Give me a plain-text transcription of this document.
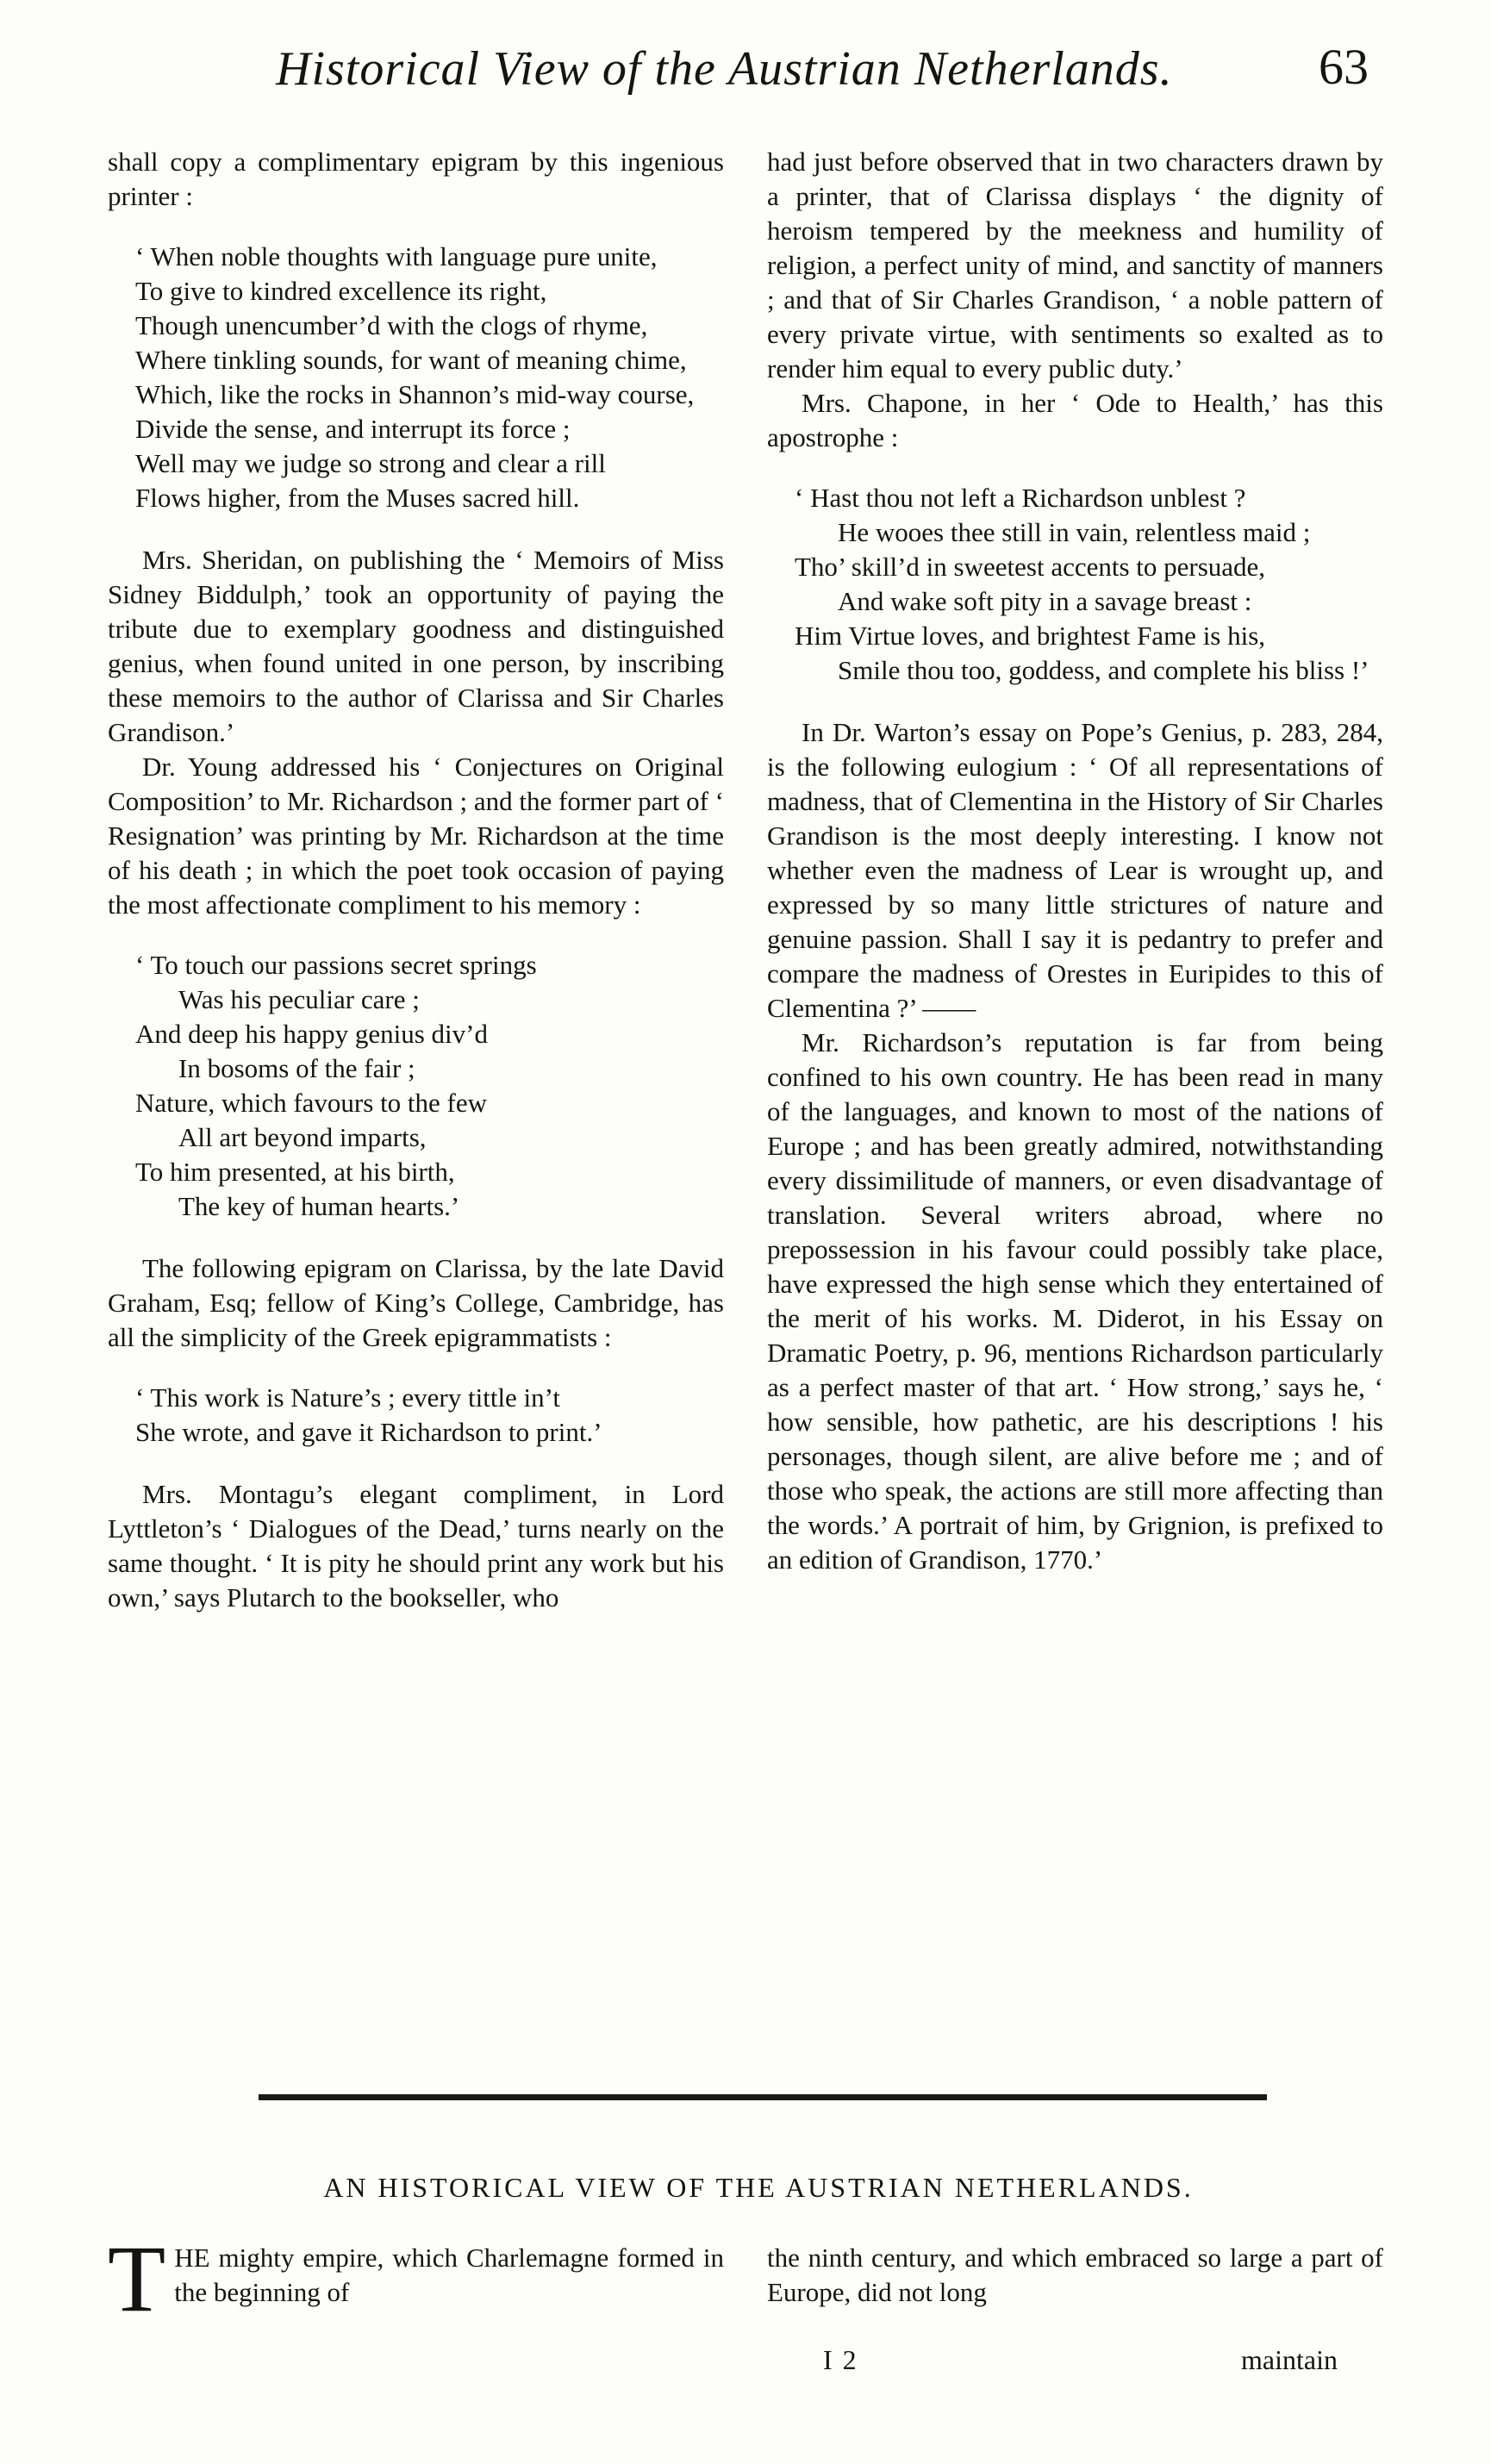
Historical View of the Austrian Netherlands.	63

shall copy a complimentary epigram by this ingenious printer :

‘ When noble thoughts with language pure unite,
To give to kindred excellence its right,
Though unencumber’d with the clogs of rhyme,
Where tinkling sounds, for want of meaning chime,
Which, like the rocks in Shannon’s mid-way course,
Divide the sense, and interrupt its force ;
Well may we judge so strong and clear a rill
Flows higher, from the Muses sacred hill.

Mrs. Sheridan, on publishing the ‘ Memoirs of Miss Sidney Biddulph,’ took an opportunity of paying the tribute due to exemplary goodness and distinguished genius, when found united in one person, by inscribing these memoirs to the author of Clarissa and Sir Charles Grandison.’

Dr. Young addressed his ‘ Conjectures on Original Composition’ to Mr. Richardson ; and the former part of ‘ Resignation’ was printing by Mr. Richardson at the time of his death ; in which the poet took occasion of paying the most affectionate compliment to his memory :

‘ To touch our passions secret springs
Was his peculiar care ;
And deep his happy genius div’d
In bosoms of the fair ;
Nature, which favours to the few
All art beyond imparts,
To him presented, at his birth,
The key of human hearts.’

The following epigram on Clarissa, by the late David Graham, Esq; fellow of King’s College, Cambridge, has all the simplicity of the Greek epigrammatists :

‘ This work is Nature’s ; every tittle in’t
She wrote, and gave it Richardson to print.’

Mrs. Montagu’s elegant compliment, in Lord Lyttleton’s ‘ Dialogues of the Dead,’ turns nearly on the same thought. ‘ It is pity he should print any work but his own,’ says Plutarch to the bookseller, who

had just before observed that in two characters drawn by a printer, that of Clarissa displays ‘ the dignity of heroism tempered by the meekness and humility of religion, a perfect unity of mind, and sanctity of manners ; and that of Sir Charles Grandison, ‘ a noble pattern of every private virtue, with sentiments so exalted as to render him equal to every public duty.’

Mrs. Chapone, in her ‘ Ode to Health,’ has this apostrophe :

‘ Hast thou not left a Richardson unblest ?
He wooes thee still in vain, relentless maid ;
Tho’ skill’d in sweetest accents to persuade,
And wake soft pity in a savage breast :
Him Virtue loves, and brightest Fame is his,
Smile thou too, goddess, and complete his bliss !’

In Dr. Warton’s essay on Pope’s Genius, p. 283, 284, is the following eulogium : ‘ Of all representations of madness, that of Clementina in the History of Sir Charles Grandison is the most deeply interesting. I know not whether even the madness of Lear is wrought up, and expressed by so many little strictures of nature and genuine passion. Shall I say it is pedantry to prefer and compare the madness of Orestes in Euripides to this of Clementina ?’ ——

Mr. Richardson’s reputation is far from being confined to his own country. He has been read in many of the languages, and known to most of the nations of Europe ; and has been greatly admired, notwithstanding every dissimilitude of manners, or even disadvantage of translation. Several writers abroad, where no prepossession in his favour could possibly take place, have expressed the high sense which they entertained of the merit of his works. M. Diderot, in his Essay on Dramatic Poetry, p. 96, mentions Richardson particularly as a perfect master of that art. ‘ How strong,’ says he, ‘ how sensible, how pathetic, are his descriptions ! his personages, though silent, are alive before me ; and of those who speak, the actions are still more affecting than the words.’ A portrait of him, by Grignion, is prefixed to an edition of Grandison, 1770.’

AN HISTORICAL VIEW OF THE AUSTRIAN NETHERLANDS.

T HE mighty empire, which Charlemagne formed in the beginning of

the ninth century, and which embraced so large a part of Europe, did not long

I 2	maintain
